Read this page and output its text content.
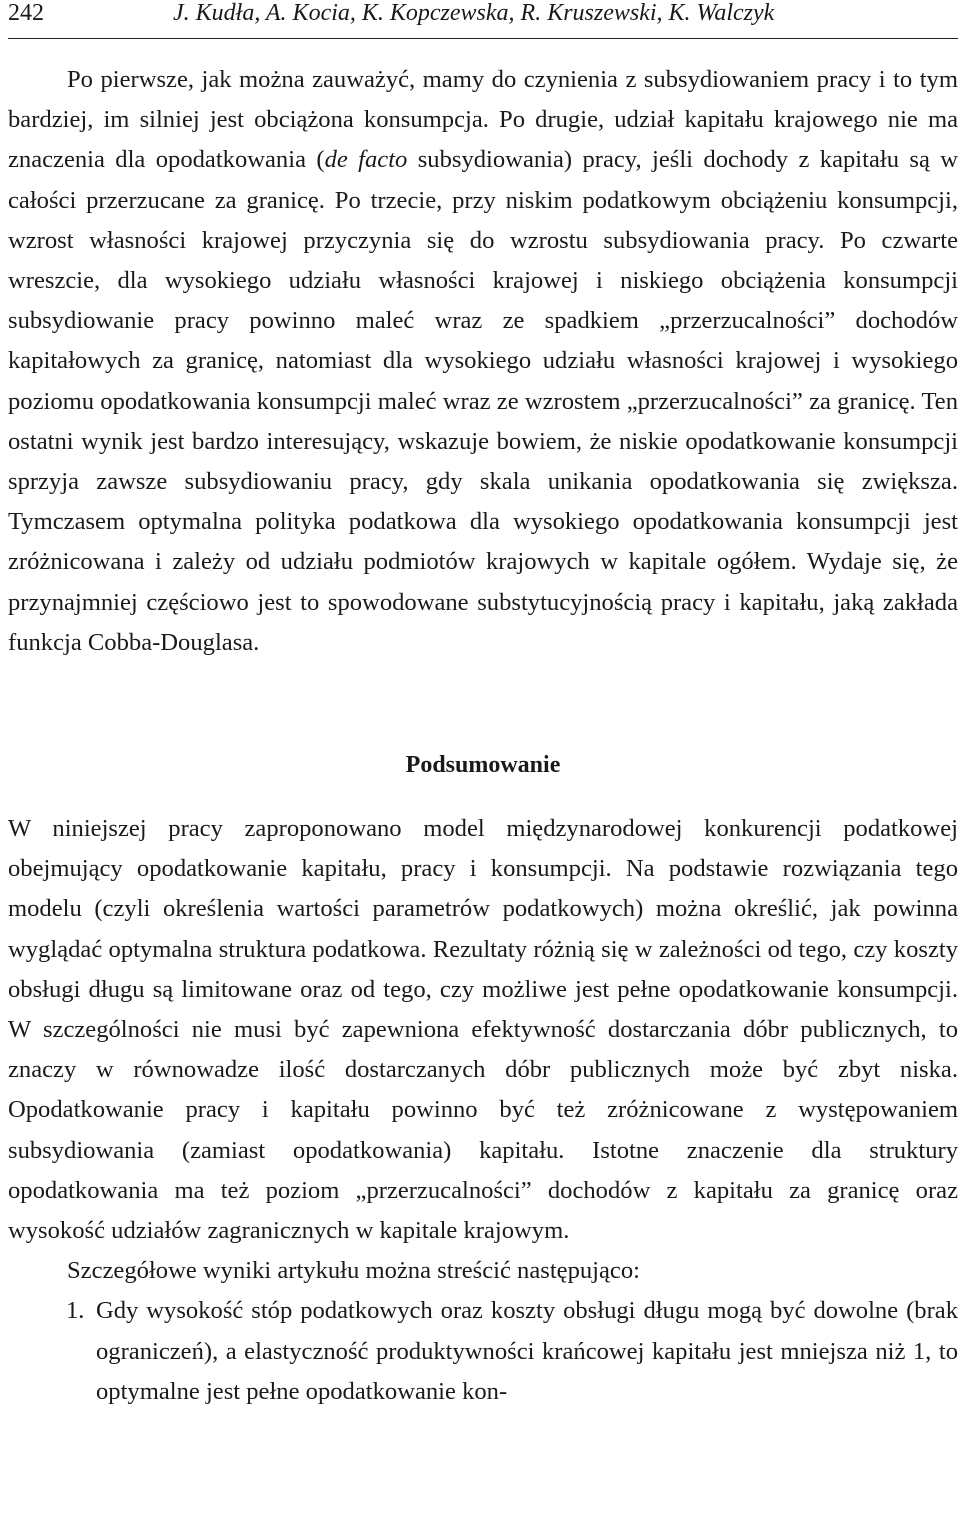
242	J. Kudła, A. Kocia, K. Kopczewska, R. Kruszewski, K. Walczyk

Po pierwsze, jak można zauważyć, mamy do czynienia z subsydiowaniem pracy i to tym bardziej, im silniej jest obciążona konsumpcja. Po drugie, udział kapitału krajowego nie ma znaczenia dla opodatkowania (de facto subsydiowania) pracy, jeśli dochody z kapitału są w całości przerzucane za granicę. Po trzecie, przy niskim podatkowym obciążeniu konsumpcji, wzrost własności krajowej przyczynia się do wzrostu subsydiowania pracy. Po czwarte wreszcie, dla wysokiego udziału własności krajowej i niskiego obciążenia konsumpcji subsydiowanie pracy powinno maleć wraz ze spadkiem „przerzucalności” dochodów kapitałowych za granicę, natomiast dla wysokiego udziału własności krajowej i wysokiego poziomu opodatkowania konsumpcji maleć wraz ze wzrostem „przerzucalności” za granicę. Ten ostatni wynik jest bardzo interesujący, wskazuje bowiem, że niskie opodatkowanie konsumpcji sprzyja zawsze subsydiowaniu pracy, gdy skala unikania opodatkowania się zwiększa. Tymczasem optymalna polityka podatkowa dla wysokiego opodatkowania konsumpcji jest zróżnicowana i zależy od udziału podmiotów krajowych w kapitale ogółem. Wydaje się, że przynajmniej częściowo jest to spowodowane substytucyjnością pracy i kapitału, jaką zakłada funkcja Cobba-Douglasa.

Podsumowanie

W niniejszej pracy zaproponowano model międzynarodowej konkurencji podatkowej obejmujący opodatkowanie kapitału, pracy i konsumpcji. Na podstawie rozwiązania tego modelu (czyli określenia wartości parametrów podatkowych) można określić, jak powinna wyglądać optymalna struktura podatkowa. Rezultaty różnią się w zależności od tego, czy koszty obsługi długu są limitowane oraz od tego, czy możliwe jest pełne opodatkowanie konsumpcji. W szczególności nie musi być zapewniona efektywność dostarczania dóbr publicznych, to znaczy w równowadze ilość dostarczanych dóbr publicznych może być zbyt niska. Opodatkowanie pracy i kapitału powinno być też zróżnicowane z występowaniem subsydiowania (zamiast opodatkowania) kapitału. Istotne znaczenie dla struktury opodatkowania ma też poziom „przerzucalności” dochodów z kapitału za granicę oraz wysokość udziałów zagranicznych w kapitale krajowym.

Szczegółowe wyniki artykułu można streścić następująco:

1. Gdy wysokość stóp podatkowych oraz koszty obsługi długu mogą być dowolne (brak ograniczeń), a elastyczność produktywności krańcowej kapitału jest mniejsza niż 1, to optymalne jest pełne opodatkowanie kon-
